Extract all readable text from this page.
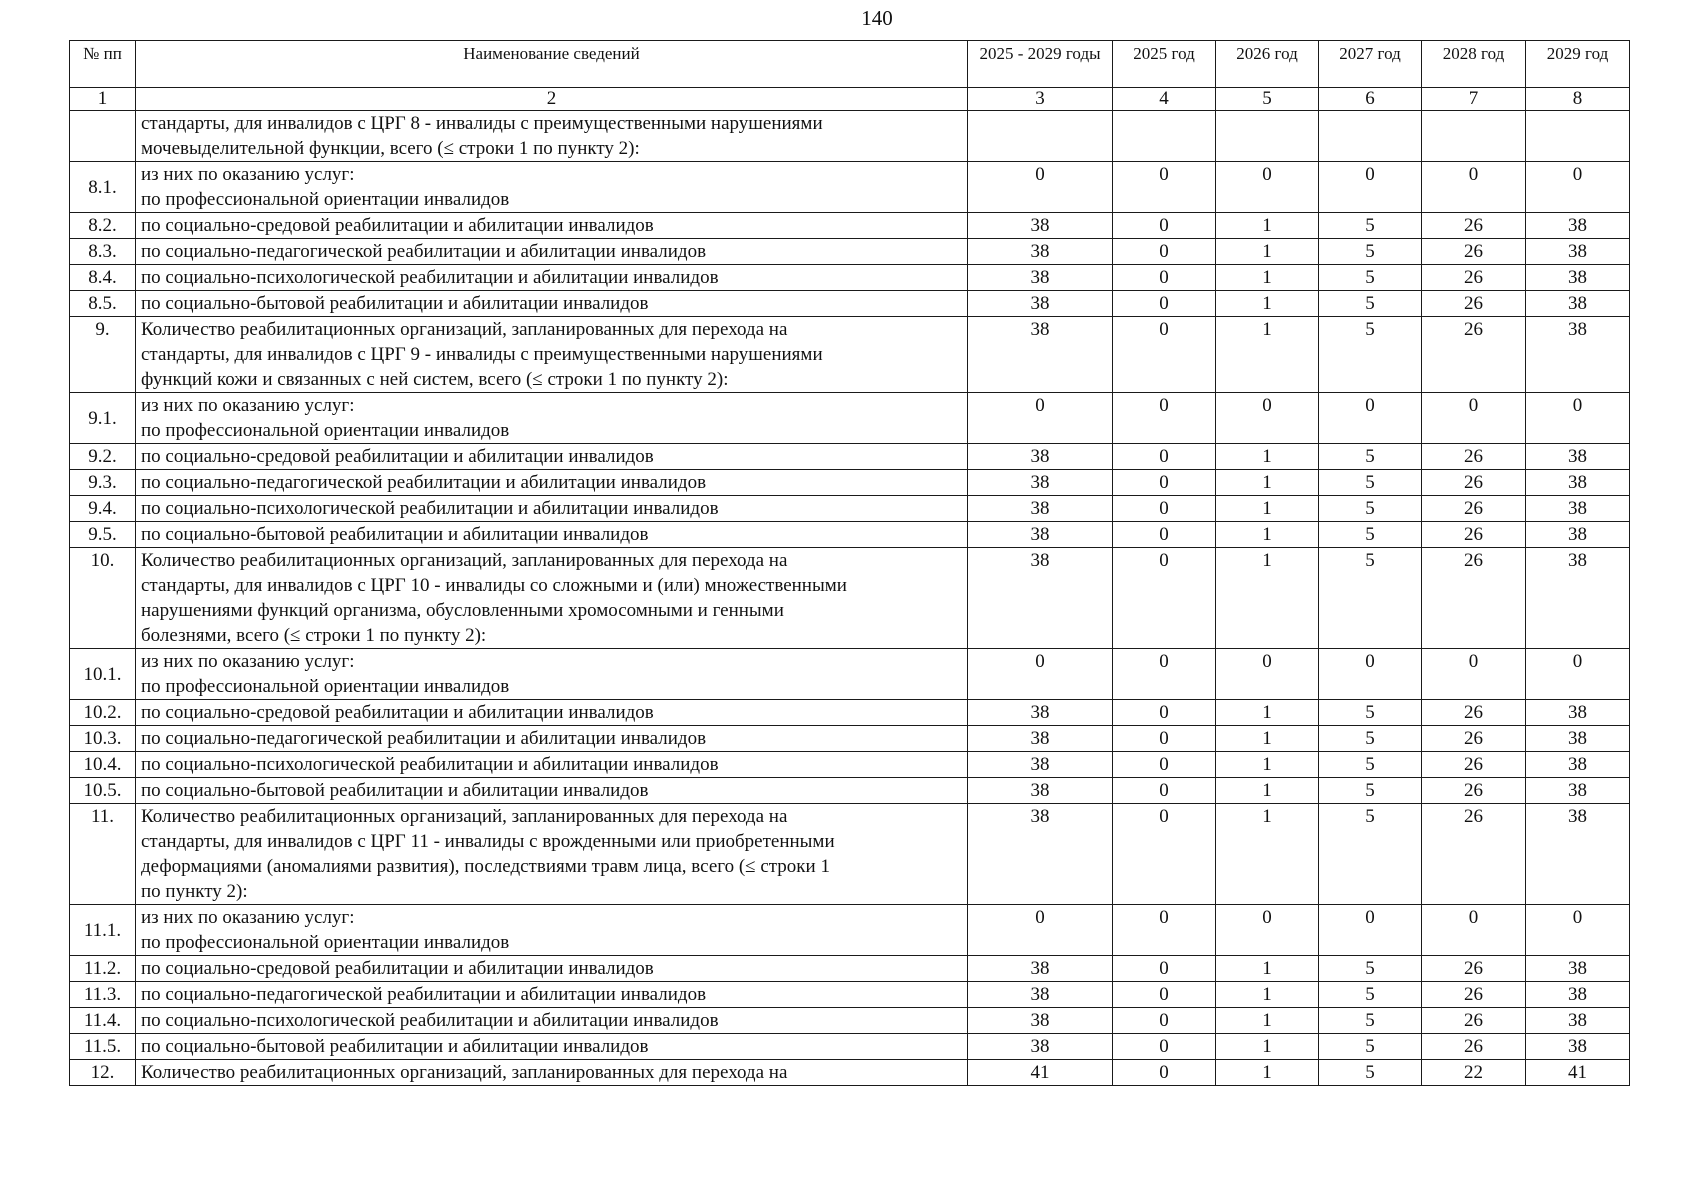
140
№ пп	Наименование сведений	2025 - 2029 годы	2025 год	2026 год	2027 год	2028 год	2029 год
1	2	3	4	5	6	7	8

	стандарты, для инвалидов с ЦРГ 8 - инвалиды с преимущественными нарушениями
мочевыделительной функции, всего (≤ строки 1 по пункту 2):						

8.1.	из них по оказанию услуг:
по профессиональной ориентации инвалидов	0	0	0	0	0	0
8.2.	по социально-средовой реабилитации и абилитации инвалидов	38	0	1	5	26	38
8.3.	по социально-педагогической реабилитации и абилитации инвалидов	38	0	1	5	26	38
8.4.	по социально-психологической реабилитации и абилитации инвалидов	38	0	1	5	26	38
8.5.	по социально-бытовой реабилитации и абилитации инвалидов	38	0	1	5	26	38
9.	Количество реабилитационных организаций, запланированных для перехода на
стандарты, для инвалидов с ЦРГ 9 - инвалиды с преимущественными нарушениями
функций кожи и связанных с ней систем, всего (≤ строки 1 по пункту 2):	38	0	1	5	26	38
9.1.	из них по оказанию услуг:
по профессиональной ориентации инвалидов	0	0	0	0	0	0
9.2.	по социально-средовой реабилитации и абилитации инвалидов	38	0	1	5	26	38
9.3.	по социально-педагогической реабилитации и абилитации инвалидов	38	0	1	5	26	38
9.4.	по социально-психологической реабилитации и абилитации инвалидов	38	0	1	5	26	38
9.5.	по социально-бытовой реабилитации и абилитации инвалидов	38	0	1	5	26	38
10.	Количество реабилитационных организаций, запланированных для перехода на
стандарты, для инвалидов с ЦРГ 10 - инвалиды со сложными и (или) множественными
нарушениями функций организма, обусловленными хромосомными и генными
болезнями, всего (≤ строки 1 по пункту 2):	38	0	1	5	26	38
10.1.	из них по оказанию услуг:
по профессиональной ориентации инвалидов	0	0	0	0	0	0
10.2.	по социально-средовой реабилитации и абилитации инвалидов	38	0	1	5	26	38
10.3.	по социально-педагогической реабилитации и абилитации инвалидов	38	0	1	5	26	38
10.4.	по социально-психологической реабилитации и абилитации инвалидов	38	0	1	5	26	38
10.5.	по социально-бытовой реабилитации и абилитации инвалидов	38	0	1	5	26	38
11.	Количество реабилитационных организаций, запланированных для перехода на
стандарты, для инвалидов с ЦРГ 11 - инвалиды с врожденными или приобретенными
деформациями (аномалиями развития), последствиями травм лица, всего (≤ строки 1
по пункту 2):	38	0	1	5	26	38
11.1.	из них по оказанию услуг:
по профессиональной ориентации инвалидов	0	0	0	0	0	0
11.2.	по социально-средовой реабилитации и абилитации инвалидов	38	0	1	5	26	38
11.3.	по социально-педагогической реабилитации и абилитации инвалидов	38	0	1	5	26	38
11.4.	по социально-психологической реабилитации и абилитации инвалидов	38	0	1	5	26	38
11.5.	по социально-бытовой реабилитации и абилитации инвалидов	38	0	1	5	26	38
12.	Количество реабилитационных организаций, запланированных для перехода на	41	0	1	5	22	41
